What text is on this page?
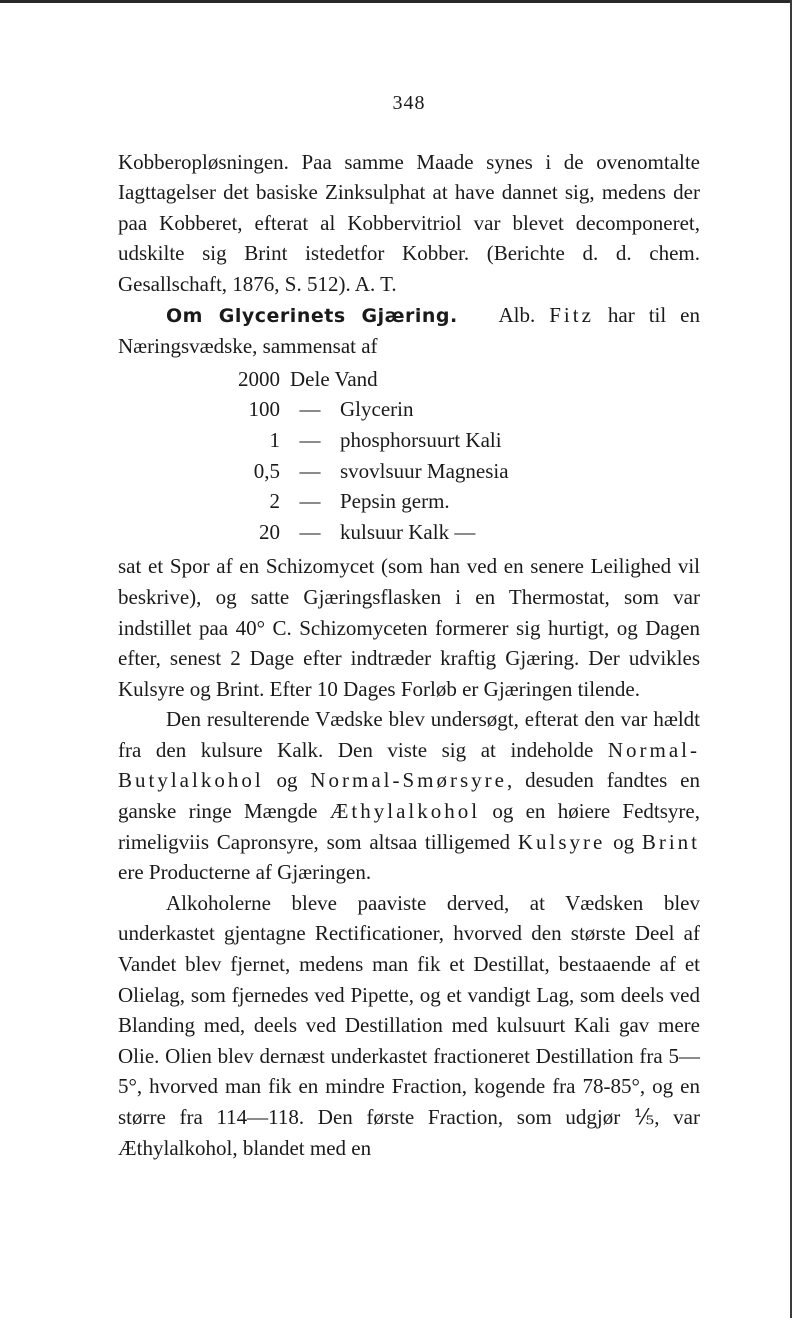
348

Kobberopløsningen. Paa samme Maade synes i de ovenomtalte Iagttagelser det basiske Zinksulphat at have dannet sig, medens der paa Kobberet, efterat al Kobbervitriol var blevet decomponeret, udskilte sig Brint istedetfor Kobber. (Berichte d. d. chem. Gesallschaft, 1876, S. 512). A. T.

Om Glycerinets Gjæring. Alb. Fitz har til en Næringsvædske, sammensat af

2000 Dele Vand
100 — Glycerin
1 — phosphorsuurt Kali
0,5 — svovlsuur Magnesia
2 — Pepsin germ.
20 — kulsuur Kalk —

sat et Spor af en Schizomycet (som han ved en senere Leilighed vil beskrive), og satte Gjæringsflasken i en Thermostat, som var indstillet paa 40° C. Schizomyceten formerer sig hurtigt, og Dagen efter, senest 2 Dage efter indtræder kraftig Gjæring. Der udvikles Kulsyre og Brint. Efter 10 Dages Forløb er Gjæringen tilende.

Den resulterende Vædske blev undersøgt, efterat den var hældt fra den kulsure Kalk. Den viste sig at indeholde Normal-Butylalkohol og Normal-Smørsyre, desuden fandtes en ganske ringe Mængde Æthylalkohol og en høiere Fedtsyre, rimeligviis Capronsyre, som altsaa tilligemed Kulsyre og Brint ere Producterne af Gjæringen.

Alkoholerne bleve paaviste derved, at Vædsken blev underkastet gjentagne Rectificationer, hvorved den største Deel af Vandet blev fjernet, medens man fik et Destillat, bestaaende af et Olielag, som fjernedes ved Pipette, og et vandigt Lag, som deels ved Blanding med, deels ved Destillation med kulsuurt Kali gav mere Olie. Olien blev dernæst underkastet fractioneret Destillation fra 5—5°, hvorved man fik en mindre Fraction, kogende fra 78-85°, og en større fra 114—118. Den første Fraction, som udgjør ⅕, var Æthylalkohol, blandet med en
